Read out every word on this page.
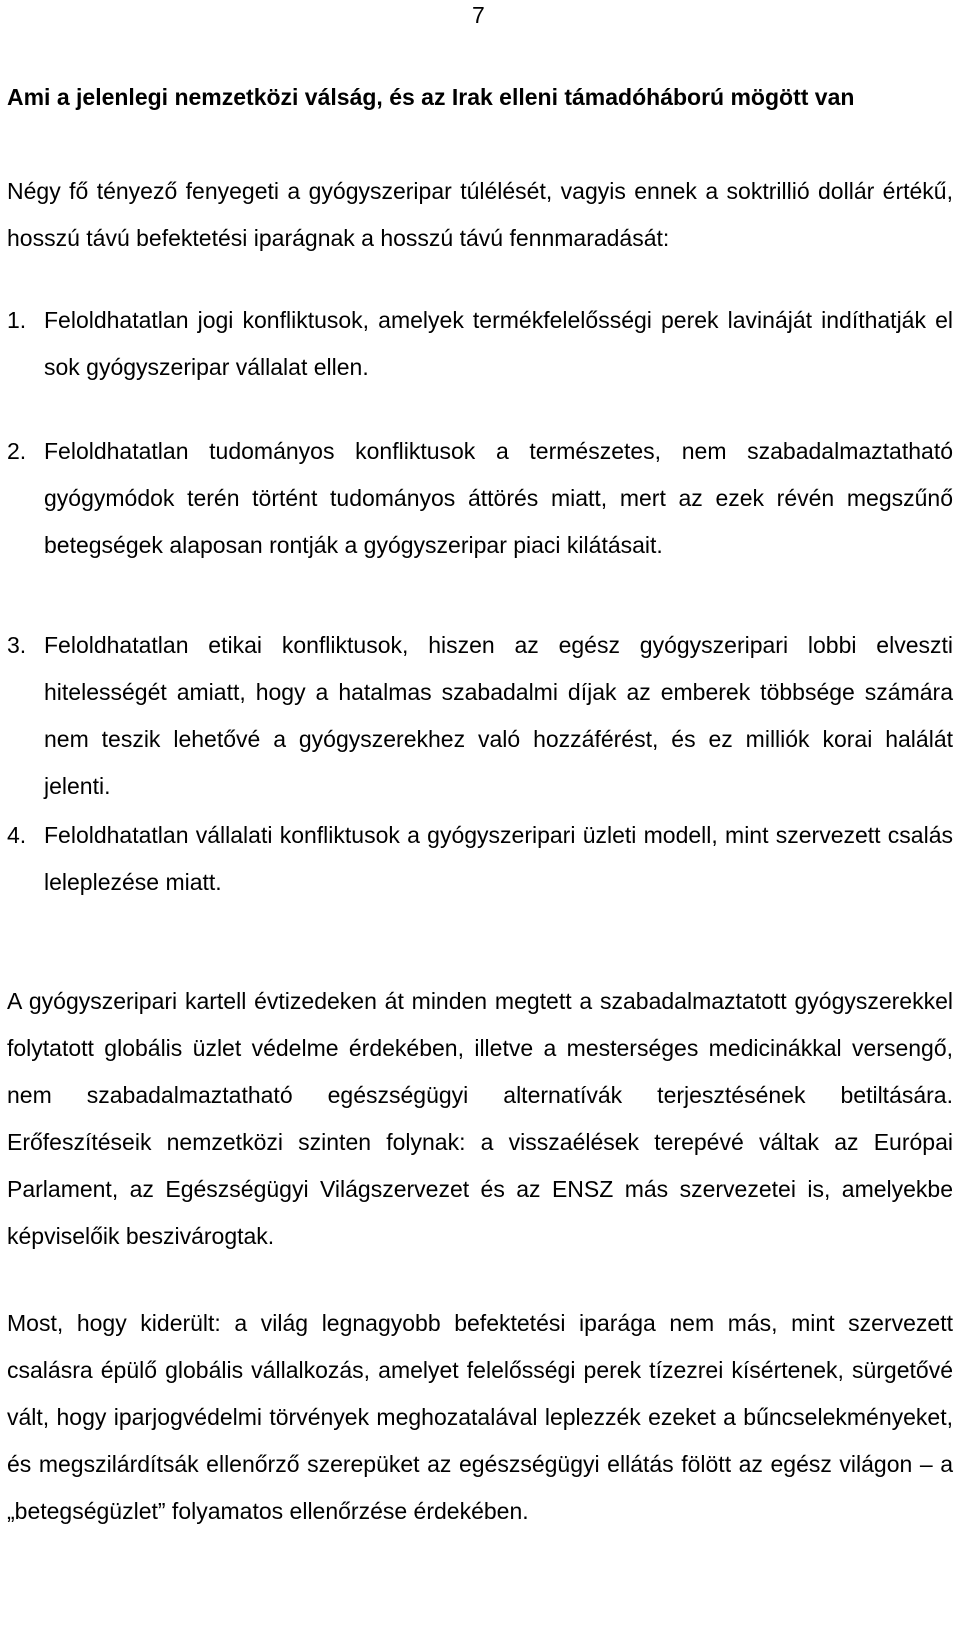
7
Ami a jelenlegi nemzetközi válság, és az Irak elleni támadóháború mögött van

Négy fő tényező fenyegeti a gyógyszeripar túlélését, vagyis ennek a soktrillió dollár értékű, hosszú távú befektetési iparágnak a hosszú távú fennmaradását:

1. Feloldhatatlan jogi konfliktusok, amelyek termékfelelősségi perek lavináját indíthatják el sok gyógyszeripar vállalat ellen.
2. Feloldhatatlan tudományos konfliktusok a természetes, nem szabadalmaztatható gyógymódok terén történt tudományos áttörés miatt, mert az ezek révén megszűnő betegségek alaposan rontják a gyógyszeripar piaci kilátásait.
3. Feloldhatatlan etikai konfliktusok, hiszen az egész gyógyszeripari lobbi elveszti hitelességét amiatt, hogy a hatalmas szabadalmi díjak az emberek többsége számára nem teszik lehetővé a gyógyszerekhez való hozzáférést, és ez milliók korai halálát jelenti.
4. Feloldhatatlan vállalati konfliktusok a gyógyszeripari üzleti modell, mint szervezett csalás leleplezése miatt.

A gyógyszeripari kartell évtizedeken át minden megtett a szabadalmaztatott gyógyszerekkel folytatott globális üzlet védelme érdekében, illetve a mesterséges medicinákkal versengő, nem szabadalmaztatható egészségügyi alternatívák terjesztésének betiltására. Erőfeszítéseik nemzetközi szinten folynak: a visszaélések terepévé váltak az Európai Parlament, az Egészségügyi Világszervezet és az ENSZ más szervezetei is, amelyekbe képviselőik beszivárogtak.

Most, hogy kiderült: a világ legnagyobb befektetési iparága nem más, mint szervezett csalásra épülő globális vállalkozás, amelyet felelősségi perek tízezrei kísértenek, sürgetővé vált, hogy iparjogvédelmi törvények meghozatalával leplezzék ezeket a bűncselekményeket, és megszilárdítsák ellenőrző szerepüket az egészségügyi ellátás fölött az egész világon – a „betegségüzlet” folyamatos ellenőrzése érdekében.
